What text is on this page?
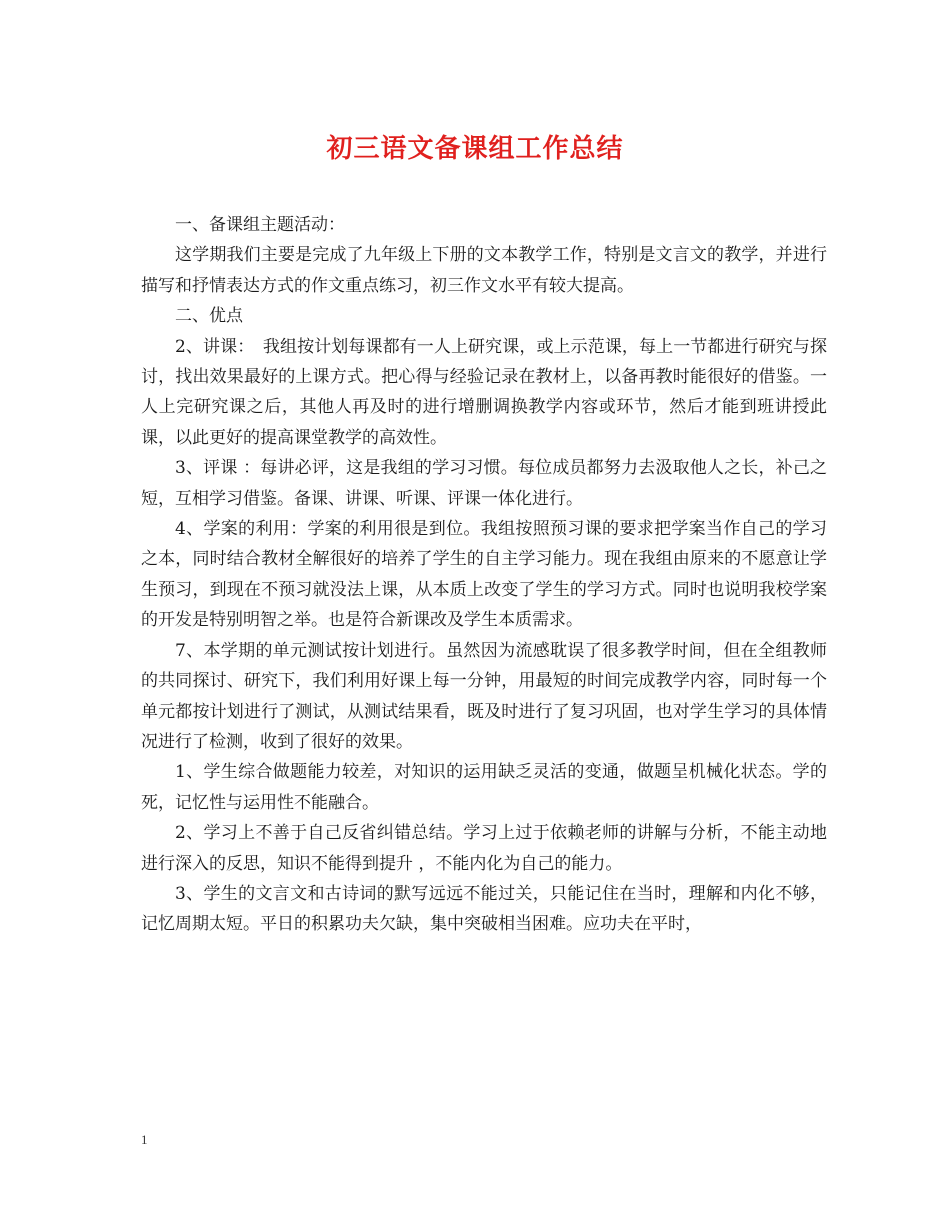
初三语文备课组工作总结

一、备课组主题活动：

这学期我们主要是完成了九年级上下册的文本教学工作，特别是文言文的教学，并进行描写和抒情表达方式的作文重点练习，初三作文水平有较大提高。

二、优点

2、讲课：　我组按计划每课都有一人上研究课，或上示范课，每上一节都进行研究与探讨，找出效果最好的上课方式。把心得与经验记录在教材上，以备再教时能很好的借鉴。一人上完研究课之后，其他人再及时的进行增删调换教学内容或环节，然后才能到班讲授此课，以此更好的提高课堂教学的高效性。

3、评课 ：每讲必评，这是我组的学习习惯。每位成员都努力去汲取他人之长，补己之短，互相学习借鉴。备课、讲课、听课、评课一体化进行。

4、学案的利用：学案的利用很是到位。我组按照预习课的要求把学案当作自己的学习之本，同时结合教材全解很好的培养了学生的自主学习能力。现在我组由原来的不愿意让学生预习，到现在不预习就没法上课，从本质上改变了学生的学习方式。同时也说明我校学案的开发是特别明智之举。也是符合新课改及学生本质需求。

7、本学期的单元测试按计划进行。虽然因为流感耽误了很多教学时间，但在全组教师的共同探讨、研究下，我们利用好课上每一分钟，用最短的时间完成教学内容，同时每一个单元都按计划进行了测试，从测试结果看，既及时进行了复习巩固，也对学生学习的具体情况进行了检测，收到了很好的效果。

1、学生综合做题能力较差，对知识的运用缺乏灵活的变通，做题呈机械化状态。学的死，记忆性与运用性不能融合。

2、学习上不善于自己反省纠错总结。学习上过于依赖老师的讲解与分析，不能主动地进行深入的反思，知识不能得到提升 ，不能内化为自己的能力。

3、学生的文言文和古诗词的默写远远不能过关，只能记住在当时，理解和内化不够，记忆周期太短。平日的积累功夫欠缺，集中突破相当困难。应功夫在平时，

1
